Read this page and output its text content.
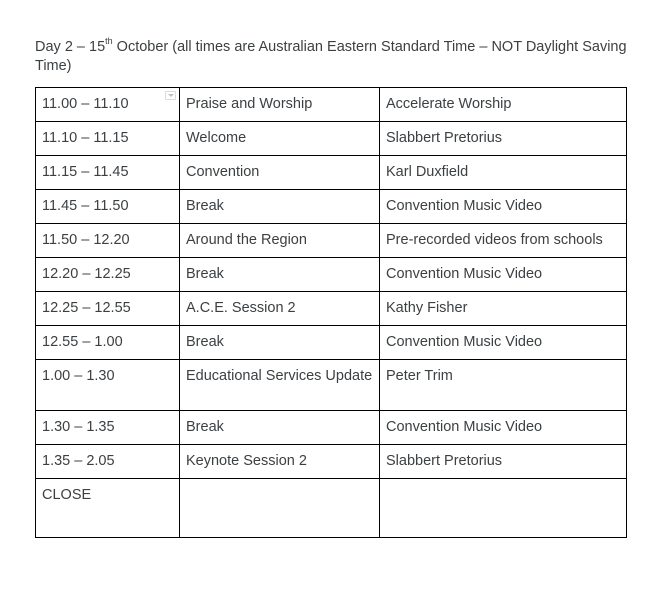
Day 2 – 15th October (all times are Australian Eastern Standard Time – NOT Daylight Saving Time)
11.00 – 11.10	Praise and Worship	Accelerate Worship
11.10 – 11.15	Welcome	Slabbert Pretorius
11.15 – 11.45	Convention	Karl Duxfield
11.45 – 11.50	Break	Convention Music Video
11.50 – 12.20	Around the Region	Pre-recorded videos from schools
12.20 – 12.25	Break	Convention Music Video
12.25 – 12.55	A.C.E. Session 2	Kathy Fisher
12.55 – 1.00	Break	Convention Music Video
1.00 – 1.30	Educational Services Update	Peter Trim
1.30 – 1.35	Break	Convention Music Video
1.35 – 2.05	Keynote Session 2	Slabbert Pretorius
CLOSE		
